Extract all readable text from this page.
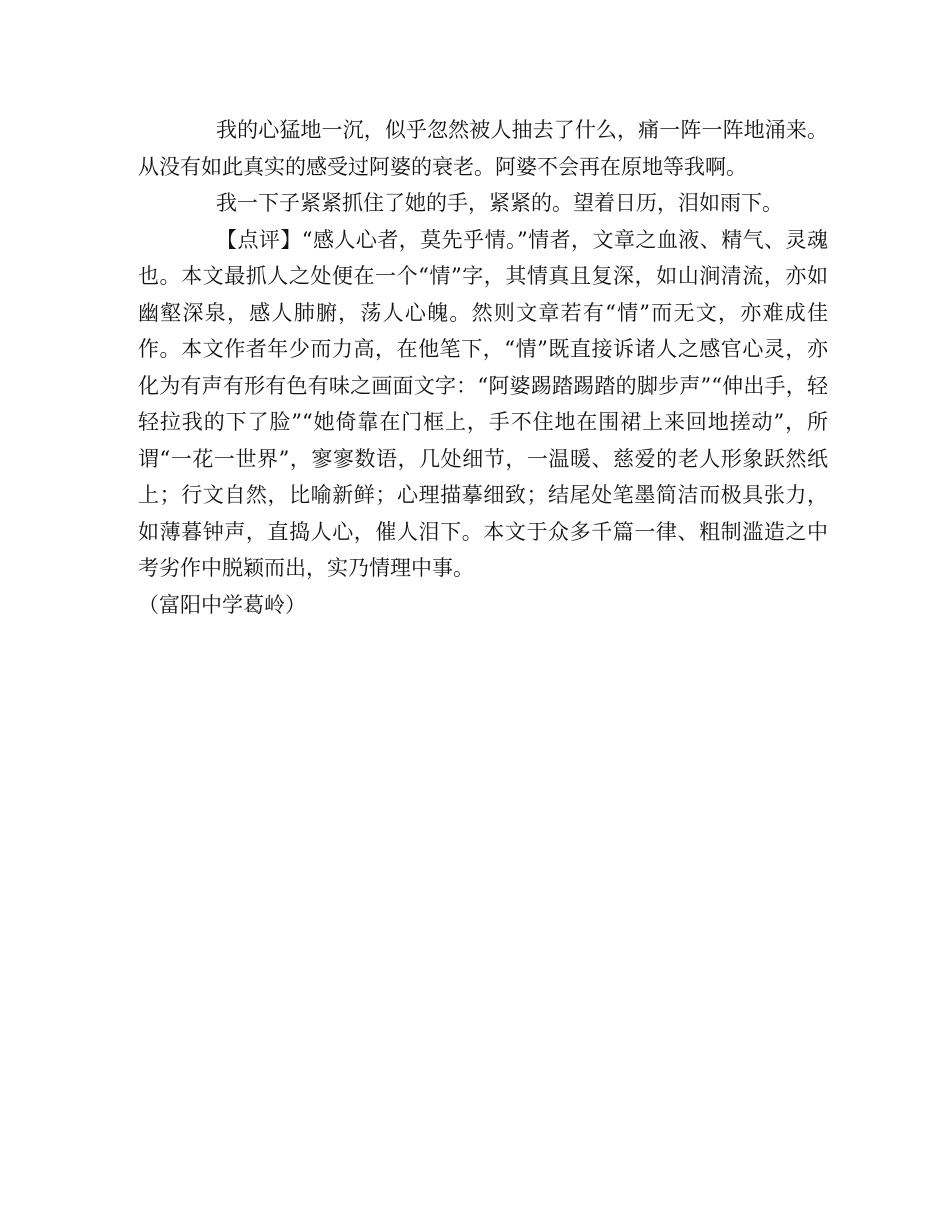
我的心猛地一沉，似乎忽然被人抽去了什么，痛一阵一阵地涌来。从没有如此真实的感受过阿婆的衰老。阿婆不会再在原地等我啊。

我一下子紧紧抓住了她的手，紧紧的。望着日历，泪如雨下。

【点评】“感人心者，莫先乎情。”情者，文章之血液、精气、灵魂也。本文最抓人之处便在一个“情”字，其情真且复深，如山涧清流，亦如幽壑深泉，感人肺腑，荡人心魄。然则文章若有“情”而无文，亦难成佳作。本文作者年少而力高，在他笔下，“情”既直接诉诸人之感官心灵，亦化为有声有形有色有味之画面文字：“阿婆踢踏踢踏的脚步声”“伸出手，轻轻拉我的下了脸”“她倚靠在门框上，手不住地在围裙上来回地搓动”，所谓“一花一世界”，寥寥数语，几处细节，一温暖、慈爱的老人形象跃然纸上；行文自然，比喻新鲜；心理描摹细致；结尾处笔墨简洁而极具张力，如薄暮钟声，直捣人心，催人泪下。本文于众多千篇一律、粗制滥造之中考劣作中脱颖而出，实乃情理中事。

（富阳中学葛岭）
